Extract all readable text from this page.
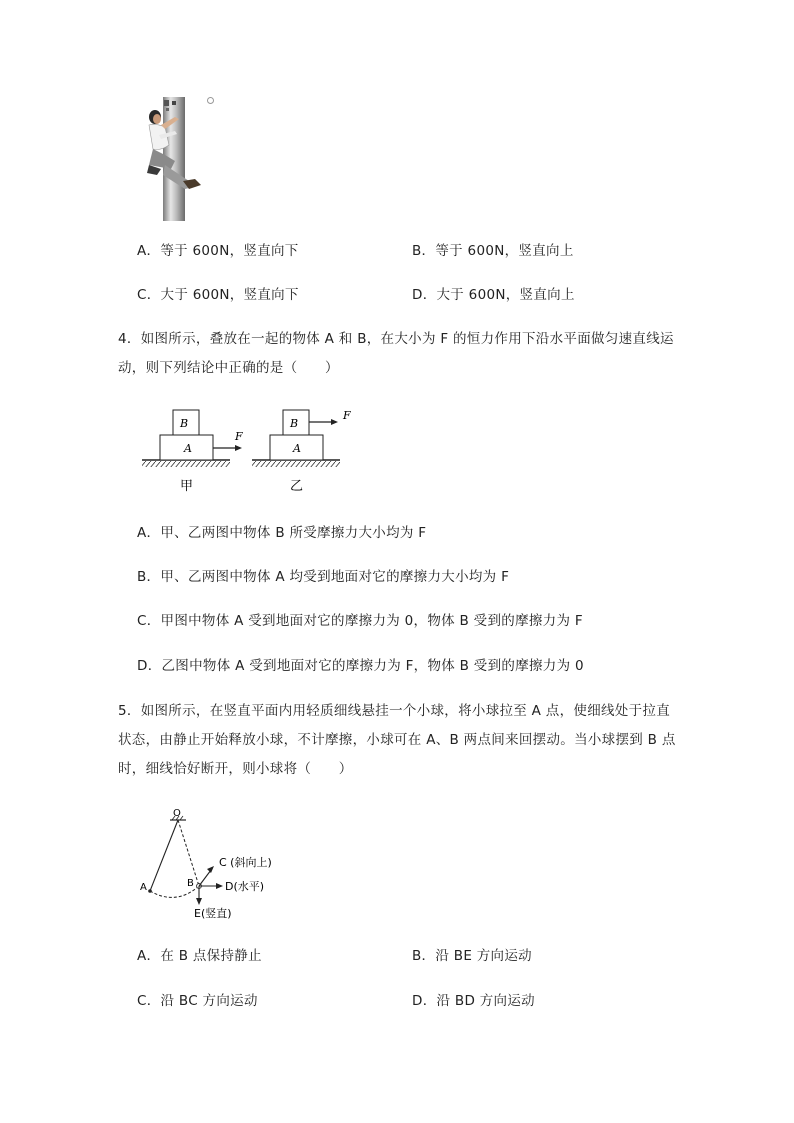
A．等于 600N，竖直向下	B．等于 600N，竖直向上
C．大于 600N，竖直向下	D．大于 600N，竖直向上
4．如图所示，叠放在一起的物体 A 和 B，在大小为 F 的恒力作用下沿水平面做匀速直线运动，则下列结论中正确的是（　　）
A
B
F
甲
A
B
F
乙
A．甲、乙两图中物体 B 所受摩擦力大小均为 F
B．甲、乙两图中物体 A 均受到地面对它的摩擦力大小均为 F
C．甲图中物体 A 受到地面对它的摩擦力为 0，物体 B 受到的摩擦力为 F
D．乙图中物体 A 受到地面对它的摩擦力为 F，物体 B 受到的摩擦力为 0
5．如图所示，在竖直平面内用轻质细线悬挂一个小球，将小球拉至 A 点，使细线处于拉直状态，由静止开始释放小球，不计摩擦，小球可在 A、B 两点间来回摆动。当小球摆到 B 点时，细线恰好断开，则小球将（　　）
O
A	B
C (斜向上)
D(水平)
E(竖直)
A．在 B 点保持静止	B．沿 BE 方向运动
C．沿 BC 方向运动	D．沿 BD 方向运动
